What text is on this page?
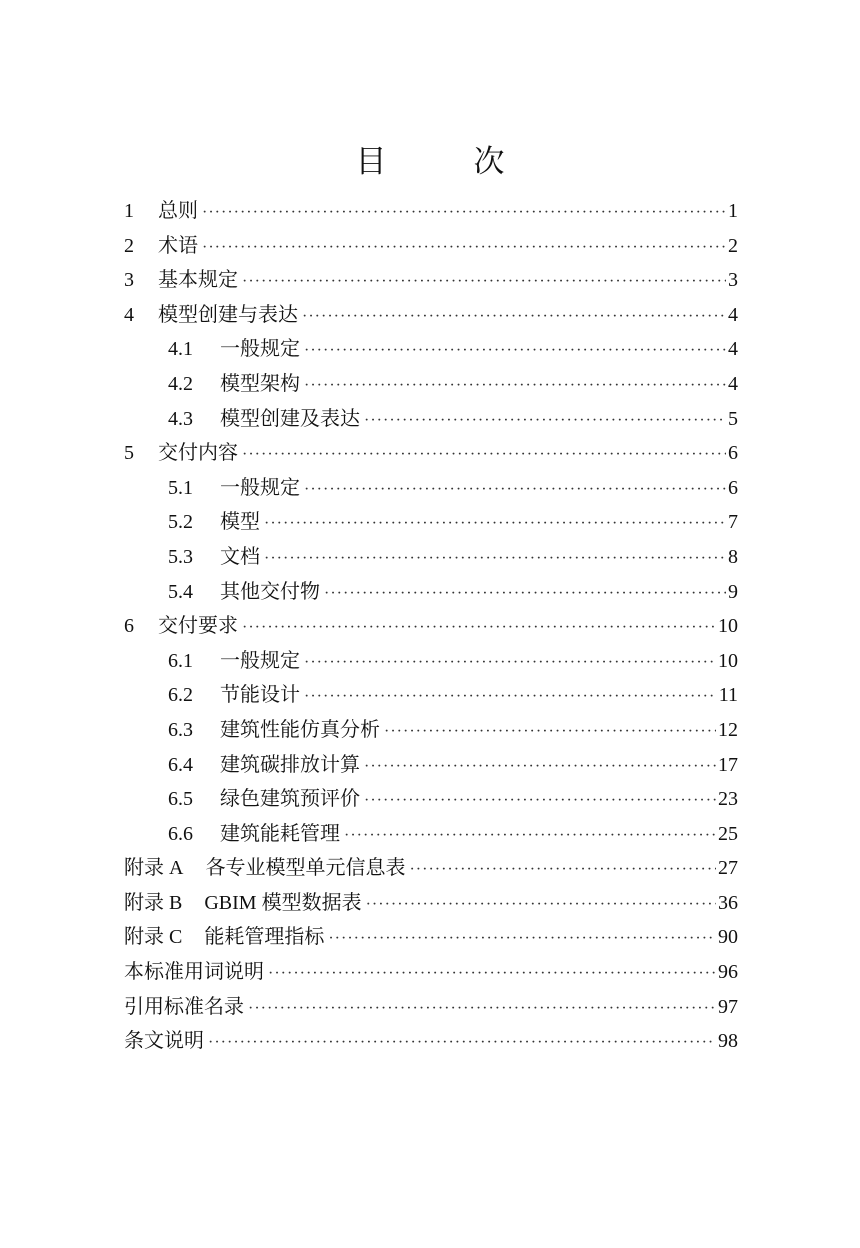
目　次
1	总则 ·····	1
2	术语 ·····	2
3	基本规定 ·····	3
4	模型创建与表达 ·····	4
4.1	一般规定 ·····	4
4.2	模型架构 ·····	4
4.3	模型创建及表达 ·····	5
5	交付内容 ·····	6
5.1	一般规定 ·····	6
5.2	模型 ·····	7
5.3	文档 ·····	8
5.4	其他交付物 ·····	9
6	交付要求 ·····	10
6.1	一般规定 ·····	10
6.2	节能设计 ·····	11
6.3	建筑性能仿真分析 ·····	12
6.4	建筑碳排放计算 ·····	17
6.5	绿色建筑预评价 ·····	23
6.6	建筑能耗管理 ·····	25
附录 A 各专业模型单元信息表 ·····	27
附录 B GBIM 模型数据表 ·····	36
附录 C 能耗管理指标 ·····	90
本标准用词说明 ·····	96
引用标准名录 ·····	97
条文说明 ·····	98
